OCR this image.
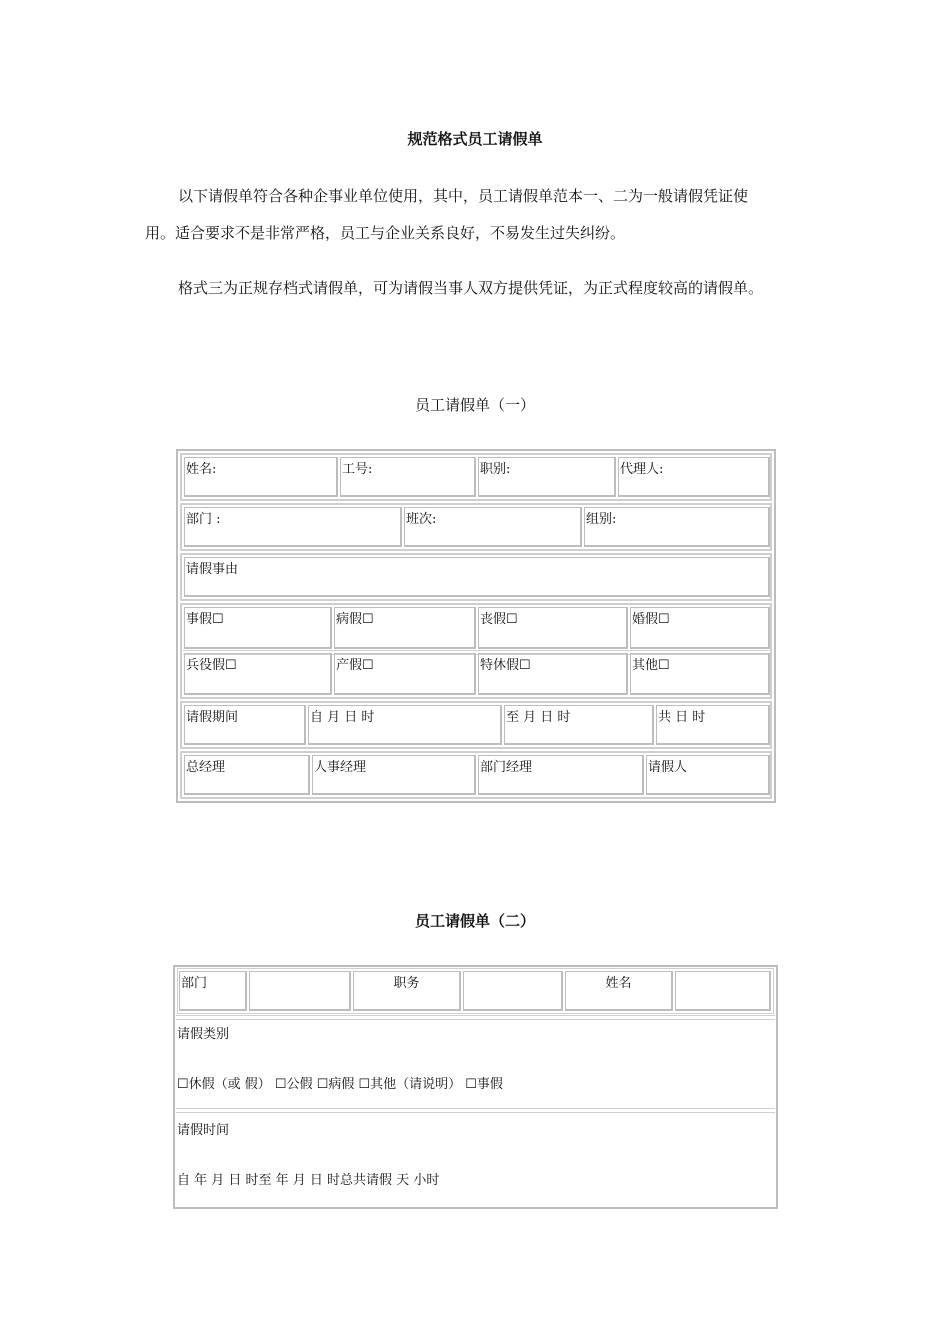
规范格式员工请假单
以下请假单符合各种企事业单位使用，其中，员工请假单范本一、二为一般请假凭证使
用。适合要求不是非常严格，员工与企业关系良好，不易发生过失纠纷。
格式三为正规存档式请假单，可为请假当事人双方提供凭证，为正式程度较高的请假单。
员工请假单（一）
姓名:	工号:	职别:	代理人:
部门 :	班次:	组别:
请假事由
事假☐	病假☐	丧假☐	婚假☐
兵役假☐	产假☐	特休假☐	其他☐
请假期间	自 月 日 时	至 月 日 时	共 日 时
总经理	人事经理	部门经理	请假人
员工请假单（二）
部门	职务	姓名
请假类别
☐休假（或 假） ☐公假 ☐病假 ☐其他（请说明） ☐事假
请假时间
自 年 月 日 时至 年 月 日 时总共请假 天 小时
